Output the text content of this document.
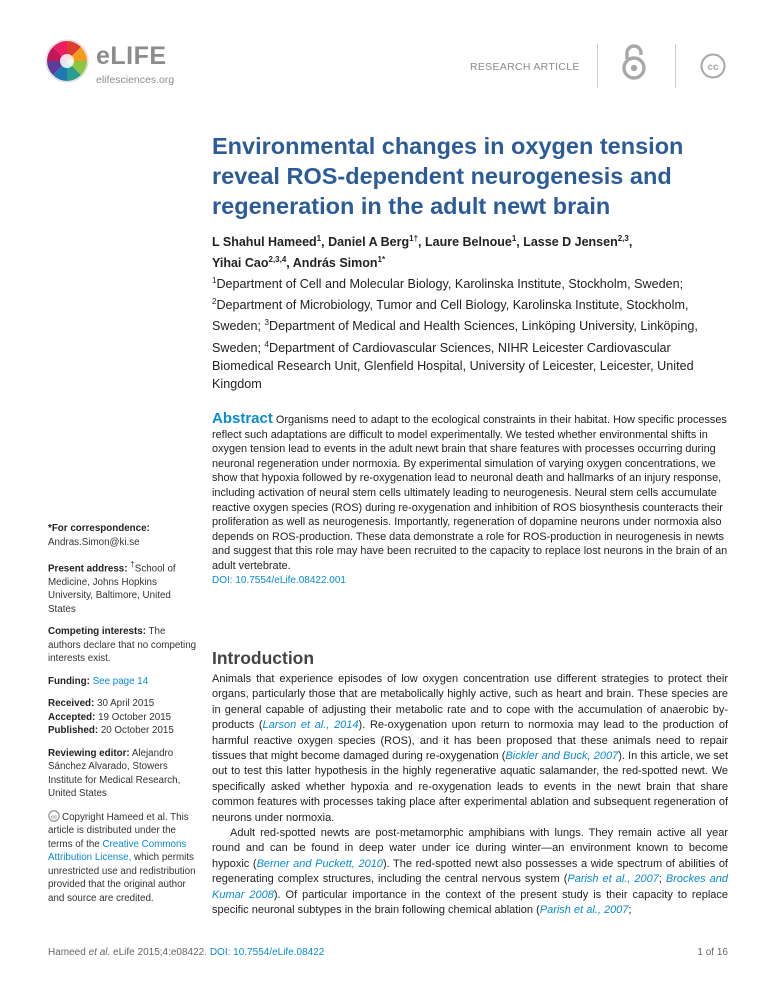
eLIFE
elifesciences.org
RESEARCH ARTICLE	cc
Environmental changes in oxygen tension reveal ROS-dependent neurogenesis and regeneration in the adult newt brain
L Shahul Hameed$^1$, Daniel A Berg$^{1\dagger}$, Laure Belnoue$^1$, Lasse D Jensen$^{2,3}$,
Yihai Cao$^{2,3,4}$, András Simon$^{1*}$
$^1$Department of Cell and Molecular Biology, Karolinska Institute, Stockholm, Sweden; $^2$Department of Microbiology, Tumor and Cell Biology, Karolinska Institute, Stockholm, Sweden; $^3$Department of Medical and Health Sciences, Linköping University, Linköping, Sweden; $^4$Department of Cardiovascular Sciences, NIHR Leicester Cardiovascular Biomedical Research Unit, Glenfield Hospital, University of Leicester, Leicester, United Kingdom
Abstract Organisms need to adapt to the ecological constraints in their habitat. How specific processes reflect such adaptations are difficult to model experimentally. We tested whether environmental shifts in oxygen tension lead to events in the adult newt brain that share features with processes occurring during neuronal regeneration under normoxia. By experimental simulation of varying oxygen concentrations, we show that hypoxia followed by re-oxygenation lead to neuronal death and hallmarks of an injury response, including activation of neural stem cells ultimately leading to neurogenesis. Neural stem cells accumulate reactive oxygen species (ROS) during re-oxygenation and inhibition of ROS biosynthesis counteracts their proliferation as well as neurogenesis. Importantly, regeneration of dopamine neurons under normoxia also depends on ROS-production. These data demonstrate a role for ROS-production in neurogenesis in newts and suggest that this role may have been recruited to the capacity to replace lost neurons in the brain of an adult vertebrate.
DOI: 10.7554/eLife.08422.001
*For correspondence: Andras.Simon@ki.se
Present address: †School of Medicine, Johns Hopkins University, Baltimore, United States
Competing interests: The authors declare that no competing interests exist.
Funding: See page 14
Received: 30 April 2015
Accepted: 19 October 2015
Published: 20 October 2015
Reviewing editor: Alejandro Sánchez Alvarado, Stowers Institute for Medical Research, United States
cc Copyright Hameed et al. This article is distributed under the terms of the Creative Commons Attribution License, which permits unrestricted use and redistribution provided that the original author and source are credited.
Introduction

Animals that experience episodes of low oxygen concentration use different strategies to protect their organs, particularly those that are metabolically highly active, such as heart and brain. These species are in general capable of adjusting their metabolic rate and to cope with the accumulation of anaerobic by-products (Larson et al., 2014). Re-oxygenation upon return to normoxia may lead to the production of harmful reactive oxygen species (ROS), and it has been proposed that these animals need to repair tissues that might become damaged during re-oxygenation (Bickler and Buck, 2007). In this article, we set out to test this latter hypothesis in the highly regenerative aquatic salamander, the red-spotted newt. We specifically asked whether hypoxia and re-oxygenation leads to events in the newt brain that share common features with processes taking place after experimental ablation and subsequent regeneration of neurons under normoxia.

Adult red-spotted newts are post-metamorphic amphibians with lungs. They remain active all year round and can be found in deep water under ice during winter—an environment known to become hypoxic (Berner and Puckett, 2010). The red-spotted newt also possesses a wide spectrum of abilities of regenerating complex structures, including the central nervous system (Parish et al., 2007; Brockes and Kumar 2008). Of particular importance in the context of the present study is their capacity to replace specific neuronal subtypes in the brain following chemical ablation (Parish et al., 2007;

Hameed et al. eLife 2015;4:e08422. DOI: 10.7554/eLife.08422	1 of 16
